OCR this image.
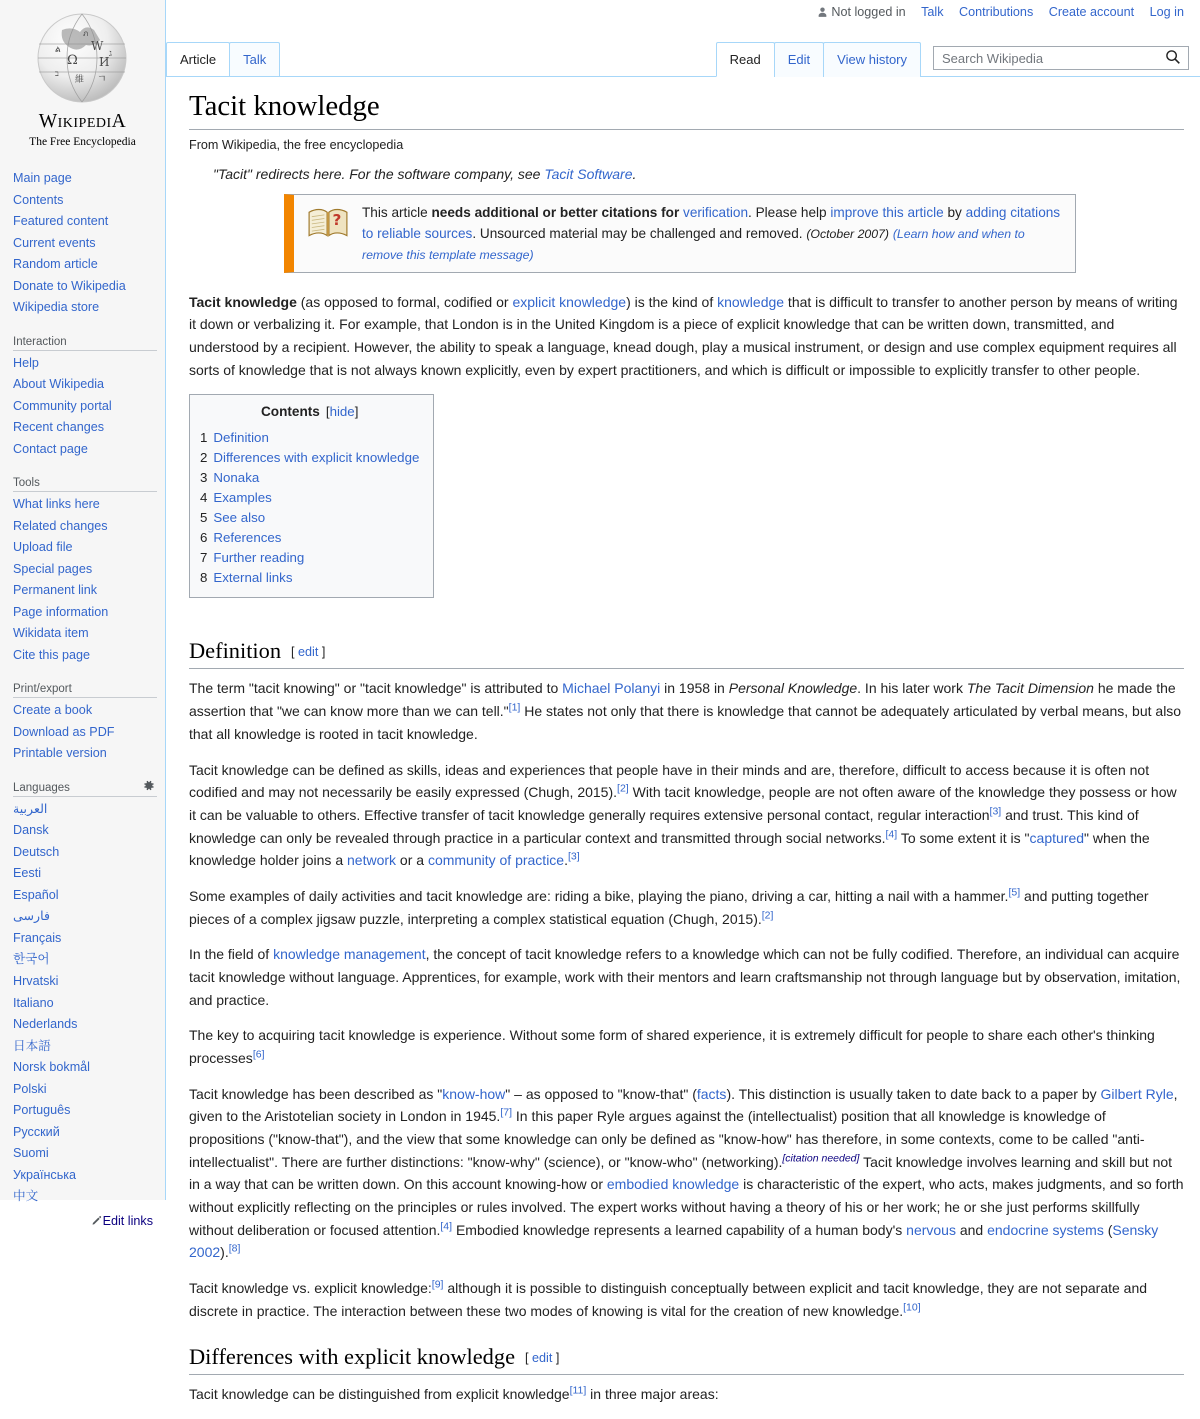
W
Ω И
ል
維 ㄱ
ג
ב
ภ
WIKIPEDIA
The Free Encyclopedia
Main page
Contents
Featured content
Current events
Random article
Donate to Wikipedia
Wikipedia store
Interaction
Help
About Wikipedia
Community portal
Recent changes
Contact page
Tools
What links here
Related changes
Upload file
Special pages
Permanent link
Page information
Wikidata item
Cite this page
Print/export
Create a book
Download as PDF
Printable version
Languages
العربية
Dansk
Deutsch
Eesti
Español
فارسی
Français
한국어
Hrvatski
Italiano
Nederlands
日本語
Norsk bokmål
Polski
Português
Русский
Suomi
Українська
中文
Edit links
Not logged in Talk Contributions Create account Log in
Article Talk	Read Edit View history
Search Wikipedia
Tacit knowledge
From Wikipedia, the free encyclopedia
"Tacit" redirects here. For the software company, see Tacit Software.
? This article needs additional or better citations for verification. Please help improve this article by adding citations to reliable sources. Unsourced material may be challenged and removed. (October 2007) (Learn how and when to remove this template message)

Tacit knowledge (as opposed to formal, codified or explicit knowledge) is the kind of knowledge that is difficult to transfer to another person by means of writing it down or verbalizing it. For example, that London is in the United Kingdom is a piece of explicit knowledge that can be written down, transmitted, and understood by a recipient. However, the ability to speak a language, knead dough, play a musical instrument, or design and use complex equipment requires all sorts of knowledge that is not always known explicitly, even by expert practitioners, and which is difficult or impossible to explicitly transfer to other people.

Contents [hide]
1 Definition
2 Differences with explicit knowledge
3 Nonaka
4 Examples
5 See also
6 References
7 Further reading
8 External links
Definition [ edit ]

The term "tacit knowing" or "tacit knowledge" is attributed to Michael Polanyi in 1958 in Personal Knowledge. In his later work The Tacit Dimension he made the assertion that "we can know more than we can tell."[1] He states not only that there is knowledge that cannot be adequately articulated by verbal means, but also that all knowledge is rooted in tacit knowledge.

Tacit knowledge can be defined as skills, ideas and experiences that people have in their minds and are, therefore, difficult to access because it is often not codified and may not necessarily be easily expressed (Chugh, 2015).[2] With tacit knowledge, people are not often aware of the knowledge they possess or how it can be valuable to others. Effective transfer of tacit knowledge generally requires extensive personal contact, regular interaction[3] and trust. This kind of knowledge can only be revealed through practice in a particular context and transmitted through social networks.[4] To some extent it is "captured" when the knowledge holder joins a network or a community of practice.[3]

Some examples of daily activities and tacit knowledge are: riding a bike, playing the piano, driving a car, hitting a nail with a hammer.[5] and putting together pieces of a complex jigsaw puzzle, interpreting a complex statistical equation (Chugh, 2015).[2]

In the field of knowledge management, the concept of tacit knowledge refers to a knowledge which can not be fully codified. Therefore, an individual can acquire tacit knowledge without language. Apprentices, for example, work with their mentors and learn craftsmanship not through language but by observation, imitation, and practice.

The key to acquiring tacit knowledge is experience. Without some form of shared experience, it is extremely difficult for people to share each other's thinking processes[6]

Tacit knowledge has been described as "know-how" – as opposed to "know-that" (facts). This distinction is usually taken to date back to a paper by Gilbert Ryle, given to the Aristotelian society in London in 1945.[7] In this paper Ryle argues against the (intellectualist) position that all knowledge is knowledge of propositions ("know-that"), and the view that some knowledge can only be defined as "know-how" has therefore, in some contexts, come to be called "anti-intellectualist". There are further distinctions: "know-why" (science), or "know-who" (networking).[citation needed] Tacit knowledge involves learning and skill but not in a way that can be written down. On this account knowing-how or embodied knowledge is characteristic of the expert, who acts, makes judgments, and so forth without explicitly reflecting on the principles or rules involved. The expert works without having a theory of his or her work; he or she just performs skillfully without deliberation or focused attention.[4] Embodied knowledge represents a learned capability of a human body's nervous and endocrine systems (Sensky 2002).[8]

Tacit knowledge vs. explicit knowledge:[9] although it is possible to distinguish conceptually between explicit and tacit knowledge, they are not separate and discrete in practice. The interaction between these two modes of knowing is vital for the creation of new knowledge.[10]

Differences with explicit knowledge [ edit ]

Tacit knowledge can be distinguished from explicit knowledge[11] in three major areas:
